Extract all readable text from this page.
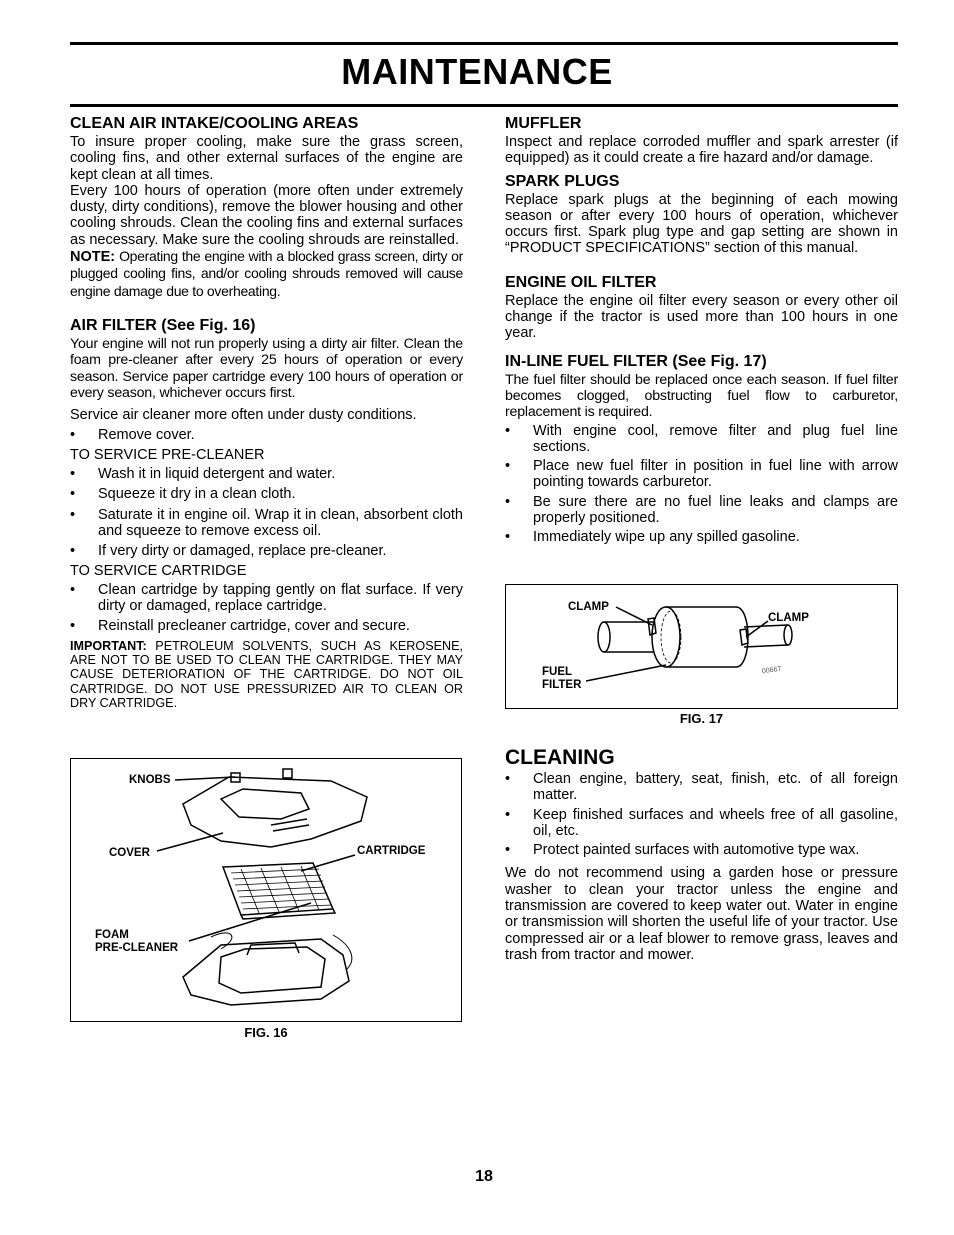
MAINTENANCE
CLEAN AIR INTAKE/COOLING AREAS

To insure proper cooling, make sure the grass screen, cooling fins, and other external surfaces of the engine are kept clean at all times.

Every 100 hours of operation (more often under extremely dusty, dirty conditions), remove the blower housing and other cooling shrouds. Clean the cooling fins and external surfaces as necessary. Make sure the cooling shrouds are reinstalled.

NOTE: Operating the engine with a blocked grass screen, dirty or plugged cooling fins, and/or cooling shrouds removed will cause engine damage due to overheating.

AIR FILTER (See Fig. 16)

Your engine will not run properly using a dirty air filter. Clean the foam pre-cleaner after every 25 hours of operation or every season. Service paper cartridge every 100 hours of operation or every season, whichever occurs first.

Service air cleaner more often under dusty conditions.

• Remove cover.

TO SERVICE PRE-CLEANER

• Wash it in liquid detergent and water.
• Squeeze it dry in a clean cloth.
• Saturate it in engine oil. Wrap it in clean, absorbent cloth and squeeze to remove excess oil.
• If very dirty or damaged, replace pre-cleaner.

TO SERVICE CARTRIDGE

• Clean cartridge by tapping gently on flat surface. If very dirty or damaged, replace cartridge.
• Reinstall precleaner cartridge, cover and secure.

IMPORTANT: PETROLEUM SOLVENTS, SUCH AS KEROSENE, ARE NOT TO BE USED TO CLEAN THE CARTRIDGE. THEY MAY CAUSE DETERIORATION OF THE CARTRIDGE. DO NOT OIL CARTRIDGE. DO NOT USE PRESSURIZED AIR TO CLEAN OR DRY CARTRIDGE.

KNOBS
COVER	CARTRIDGE
FOAM
PRE-CLEANER
FIG. 16
MUFFLER

Inspect and replace corroded muffler and spark arrester (if equipped) as it could create a fire hazard and/or damage.

SPARK PLUGS

Replace spark plugs at the beginning of each mowing season or after every 100 hours of operation, whichever occurs first. Spark plug type and gap setting are shown in “PRODUCT SPECIFICATIONS” section of this manual.

ENGINE OIL FILTER

Replace the engine oil filter every season or every other oil change if the tractor is used more than 100 hours in one year.

IN-LINE FUEL FILTER (See Fig. 17)

The fuel filter should be replaced once each season. If fuel filter becomes clogged, obstructing fuel flow to carburetor, replacement is required.

• With engine cool, remove filter and plug fuel line sections.
• Place new fuel filter in position in fuel line with arrow pointing towards carburetor.
• Be sure there are no fuel line leaks and clamps are properly positioned.
• Immediately wipe up any spilled gasoline.
CLAMP
CLAMP
FUEL
FILTER
00667
FIG. 17
CLEANING
• Clean engine, battery, seat, finish, etc. of all foreign matter.
• Keep finished surfaces and wheels free of all gasoline, oil, etc.
• Protect painted surfaces with automotive type wax.

We do not recommend using a garden hose or pressure washer to clean your tractor unless the engine and transmission are covered to keep water out. Water in engine or transmission will shorten the useful life of your tractor. Use compressed air or a leaf blower to remove grass, leaves and trash from tractor and mower.

18
